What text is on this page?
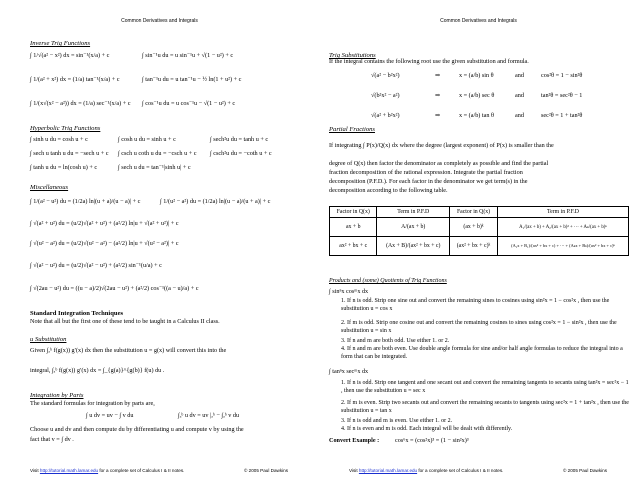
Common Derivatives and Integrals
Inverse Trig Functions
∫ 1/√(a² − x²) dx = sin⁻¹(x/a) + c	∫ sin⁻¹u du = u sin⁻¹u + √(1 − u²) + c
∫ 1/(a² + x²) dx = (1/a) tan⁻¹(x/a) + c	∫ tan⁻¹u du = u tan⁻¹u − ½ ln(1 + u²) + c
∫ 1/(x√(x² − a²)) dx = (1/a) sec⁻¹(x/a) + c ∫ cos⁻¹u du = u cos⁻¹u − √(1 − u²) + c
Hyperbolic Trig Functions
∫ sinh u du = cosh u + c	∫ cosh u du = sinh u + c	∫ sech²u du = tanh u + c
∫ sech u tanh u du = −sech u + c ∫ csch u coth u du = −csch u + c ∫ csch²u du = −coth u + c
∫ tanh u du = ln(cosh u) + c	∫ sech u du = tan⁻¹|sinh u| + c
Miscellaneous
∫ 1/(a² − u²) du = (1/2a) ln|(u + a)/(u − a)| + c	∫ 1/(u² − a²) du = (1/2a) ln|(u − a)/(u + a)| + c
∫ √(a² + u²) du = (u/2)√(a² + u²) + (a²/2) ln|u + √(a² + u²)| + c
∫ √(u² − a²) du = (u/2)√(u² − a²) − (a²/2) ln|u + √(u² − a²)| + c
∫ √(a² − u²) du = (u/2)√(a² − u²) + (a²/2) sin⁻¹(u/a) + c
∫ √(2au − u²) du = ((u − a)/2)√(2au − u²) + (a²/2) cos⁻¹((a − u)/a) + c
Standard Integration Techniques
Note that all but the first one of these tend to be taught in a Calculus II class.
u Substitution
Given ∫ₐᵇ f(g(x)) g′(x) dx then the substitution u = g(x) will convert this into the
integral, ∫ₐᵇ f(g(x)) g′(x) dx = ∫_{g(a)}^{g(b)} f(u) du .
Integration by Parts
The standard formulas for integration by parts are,
∫ u dv = uv − ∫ v du	∫ₐᵇ u dv = uv |ₐᵇ − ∫ₐᵇ v du
Choose u and dv and then compute du by differentiating u and compute v by using the
fact that v = ∫ dv .
Visit http://tutorial.math.lamar.edu for a complete set of Calculus I & II notes.	© 2005 Paul Dawkins
Common Derivatives and Integrals
Trig Substitutions
If the integral contains the following root use the given substitution and formula.
√(a² − b²x²)	⇒	x = (a/b) sin θ	and	cos²θ = 1 − sin²θ
√(b²x² − a²)	⇒	x = (a/b) sec θ	and	tan²θ = sec²θ − 1
√(a² + b²x²)	⇒	x = (a/b) tan θ	and	sec²θ = 1 + tan²θ
Partial Fractions
If integrating ∫ P(x)/Q(x) dx where the degree (largest exponent) of P(x) is smaller than the
degree of Q(x) then factor the denominator as completely as possible and find the partial
fraction decomposition of the rational expression. Integrate the partial fraction
decomposition (P.F.D.). For each factor in the denominator we get term(s) in the
decomposition according to the following table.
Factor in Q(x)	Term in P.F.D	Factor in Q(x)	Term in P.F.D
ax + b	A/(ax + b)	(ax + b)ᵏ	A₁/(ax + b) + A₂/(ax + b)² + ⋯ + Aₖ/(ax + b)ᵏ
ax² + bx + c	(Ax + B)/(ax² + bx + c)	(ax² + bx + c)ᵏ	(A₁x + B₁)/(ax² + bx + c) + ⋯ + (Aₖx + Bₖ)/(ax² + bx + c)ᵏ
Products and (some) Quotients of Trig Functions
∫ sinⁿx cosᵐx dx
1. If n is odd. Strip one sine out and convert the remaining sines to cosines using sin²x = 1 − cos²x , then use the substitution u = cos x
2. If m is odd. Strip one cosine out and convert the remaining cosines to sines using cos²x = 1 − sin²x , then use the substitution u = sin x
3. If n and m are both odd. Use either 1. or 2.
4. If n and m are both even. Use double angle formula for sine and/or half angle formulas to reduce the integral into a form that can be integrated.
∫ tanⁿx secᵐx dx
1. If n is odd. Strip one tangent and one secant out and convert the remaining tangents to secants using tan²x = sec²x − 1 , then use the substitution u = sec x
2. If m is even. Strip two secants out and convert the remaining secants to tangents using sec²x = 1 + tan²x , then use the substitution u = tan x
3. If n is odd and m is even. Use either 1. or 2.
4. If n is even and m is odd. Each integral will be dealt with differently.
Convert Example :	cos⁶x = (cos²x)³ = (1 − sin²x)³
Visit http://tutorial.math.lamar.edu for a complete set of Calculus I & II notes.	© 2005 Paul Dawkins
